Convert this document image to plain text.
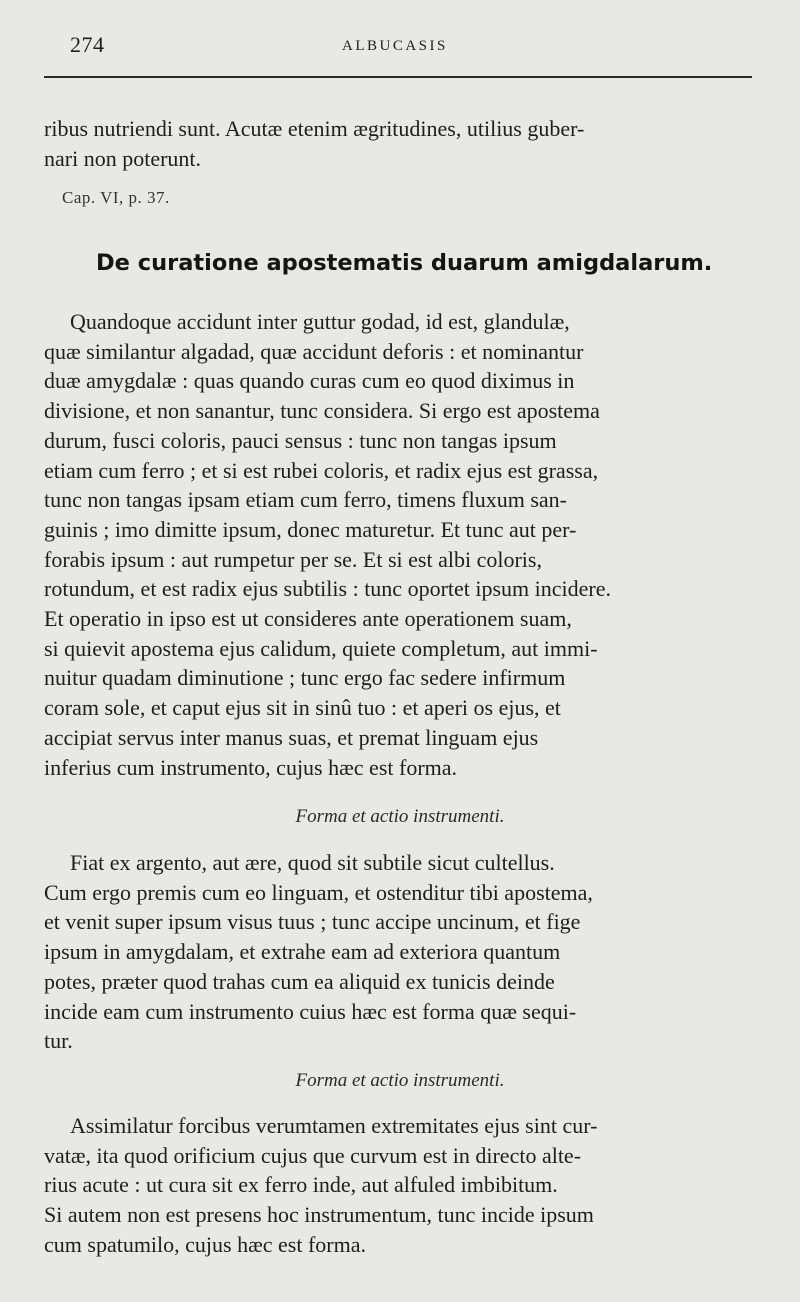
274	ALBUCASIS

ribus nutriendi sunt. Acutæ etenim ægritudines, utilius guber-
nari non poterunt.

Cap. VI, p. 37.
De curatione apostematis duarum amigdalarum.

Quandoque accidunt inter guttur godad, id est, glandulæ,
quæ similantur algadad, quæ accidunt deforis : et nominantur
duæ amygdalæ : quas quando curas cum eo quod diximus in
divisione, et non sanantur, tunc considera. Si ergo est apostema
durum, fusci coloris, pauci sensus : tunc non tangas ipsum
etiam cum ferro ; et si est rubei coloris, et radix ejus est grassa,
tunc non tangas ipsam etiam cum ferro, timens fluxum san-
guinis ; imo dimitte ipsum, donec maturetur. Et tunc aut per-
forabis ipsum : aut rumpetur per se. Et si est albi coloris,
rotundum, et est radix ejus subtilis : tunc oportet ipsum incidere.
Et operatio in ipso est ut consideres ante operationem suam,
si quievit apostema ejus calidum, quiete completum, aut immi-
nuitur quadam diminutione ; tunc ergo fac sedere infirmum
coram sole, et caput ejus sit in sinû tuo : et aperi os ejus, et
accipiat servus inter manus suas, et premat linguam ejus
inferius cum instrumento, cujus hæc est forma.

Forma et actio instrumenti.

Fiat ex argento, aut ære, quod sit subtile sicut cultellus.
Cum ergo premis cum eo linguam, et ostenditur tibi apostema,
et venit super ipsum visus tuus ; tunc accipe uncinum, et fige
ipsum in amygdalam, et extrahe eam ad exteriora quantum
potes, præter quod trahas cum ea aliquid ex tunicis deinde
incide eam cum instrumento cuius hæc est forma quæ sequi-
tur.

Forma et actio instrumenti.

Assimilatur forcibus verumtamen extremitates ejus sint cur-
vatæ, ita quod orificium cujus que curvum est in directo alte-
rius acute : ut cura sit ex ferro inde, aut alfuled imbibitum.
Si autem non est presens hoc instrumentum, tunc incide ipsum
cum spatumilo, cujus hæc est forma.
